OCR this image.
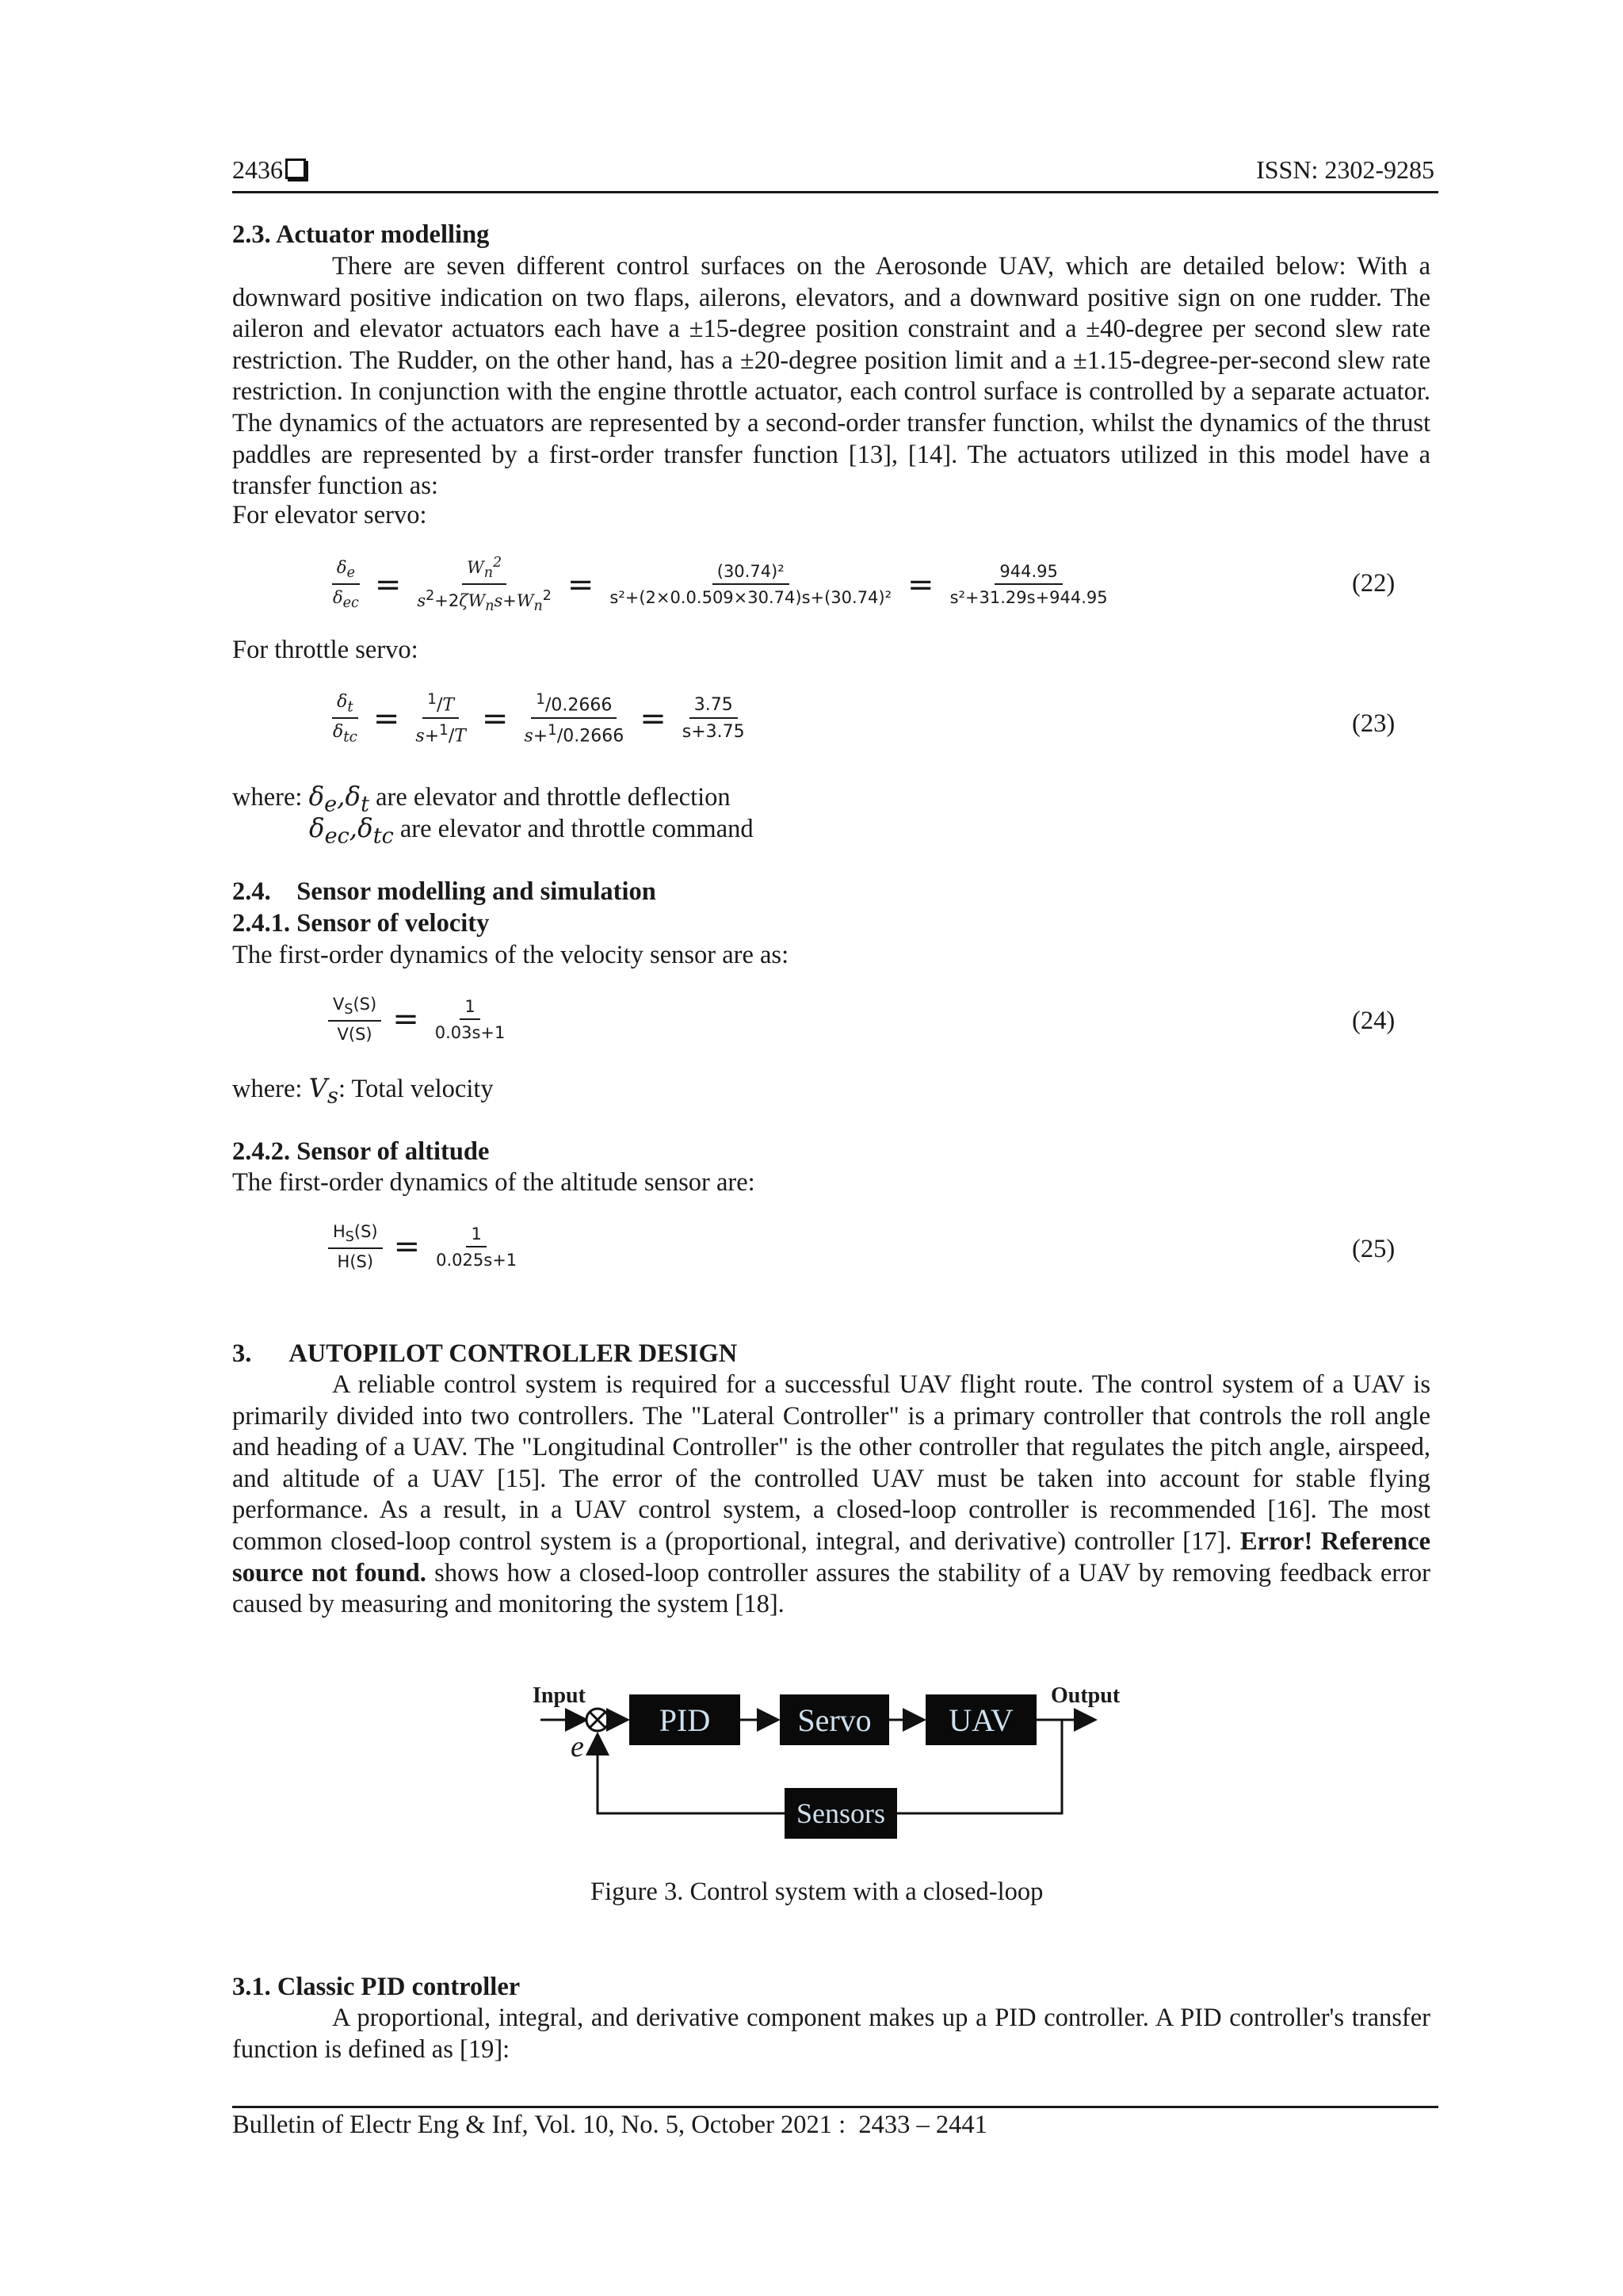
2436	ISSN: 2302-9285
2.3. Actuator modelling

There are seven different control surfaces on the Aerosonde UAV, which are detailed below: With a downward positive indication on two flaps, ailerons, elevators, and a downward positive sign on one rudder. The aileron and elevator actuators each have a ±15-degree position constraint and a ±40-degree per second slew rate restriction. The Rudder, on the other hand, has a ±20-degree position limit and a ±1.15-degree-per-second slew rate restriction. In conjunction with the engine throttle actuator, each control surface is controlled by a separate actuator. The dynamics of the actuators are represented by a second-order transfer function, whilst the dynamics of the thrust paddles are represented by a first-order transfer function [13], [14]. The actuators utilized in this model have a transfer function as:

For elevator servo:
$\frac{\delta_e}{\delta_{ec}} = \frac{W_n^2}{s^2+2\zeta W_ns+W_n^2} = \frac{\text{(30.74)²}}{\text{s²+(2×0.0.509×30.74)s+(30.74)²}} = \frac{944.95}{\text{s²+31.29s+944.95}}$	(22)
For throttle servo:
$\frac{\delta_t}{\delta_{tc}} = \frac{^1/T}{s+^1/T} = \frac{^1/0.2666}{s+^1/0.2666} = \frac{3.75}{s+3.75}$	(23)
where: $\delta_e,\delta_t$ are elevator and throttle deflection
$\delta_{ec},\delta_{tc}$ are elevator and throttle command
2.4.    Sensor modelling and simulation
2.4.1. Sensor of velocity
The first-order dynamics of the velocity sensor are as:
$\frac{V_S(S)}{V(S)} = \frac{1}{0.03s+1}$	(24)
where: $V_s$: Total velocity
2.4.2. Sensor of altitude
The first-order dynamics of the altitude sensor are:
$\frac{H_S(S)}{H(S)} = \frac{1}{0.025s+1}$	(25)
3.      AUTOPILOT CONTROLLER DESIGN

A reliable control system is required for a successful UAV flight route. The control system of a UAV is primarily divided into two controllers. The "Lateral Controller" is a primary controller that controls the roll angle and heading of a UAV. The "Longitudinal Controller" is the other controller that regulates the pitch angle, airspeed, and altitude of a UAV [15]. The error of the controlled UAV must be taken into account for stable flying performance. As a result, in a UAV control system, a closed-loop controller is recommended [16]. The most common closed-loop control system is a (proportional, integral, and derivative) controller [17]. Error! Reference source not found. shows how a closed-loop controller assures the stability of a UAV by removing feedback error caused by measuring and monitoring the system [18].

Input	Output
e
PID	Servo	UAV
Sensors
Figure 3. Control system with a closed-loop
3.1. Classic PID controller

A proportional, integral, and derivative component makes up a PID controller. A PID controller's transfer function is defined as [19]:

Bulletin of Electr Eng & Inf, Vol. 10, No. 5, October 2021 :  2433 – 2441
